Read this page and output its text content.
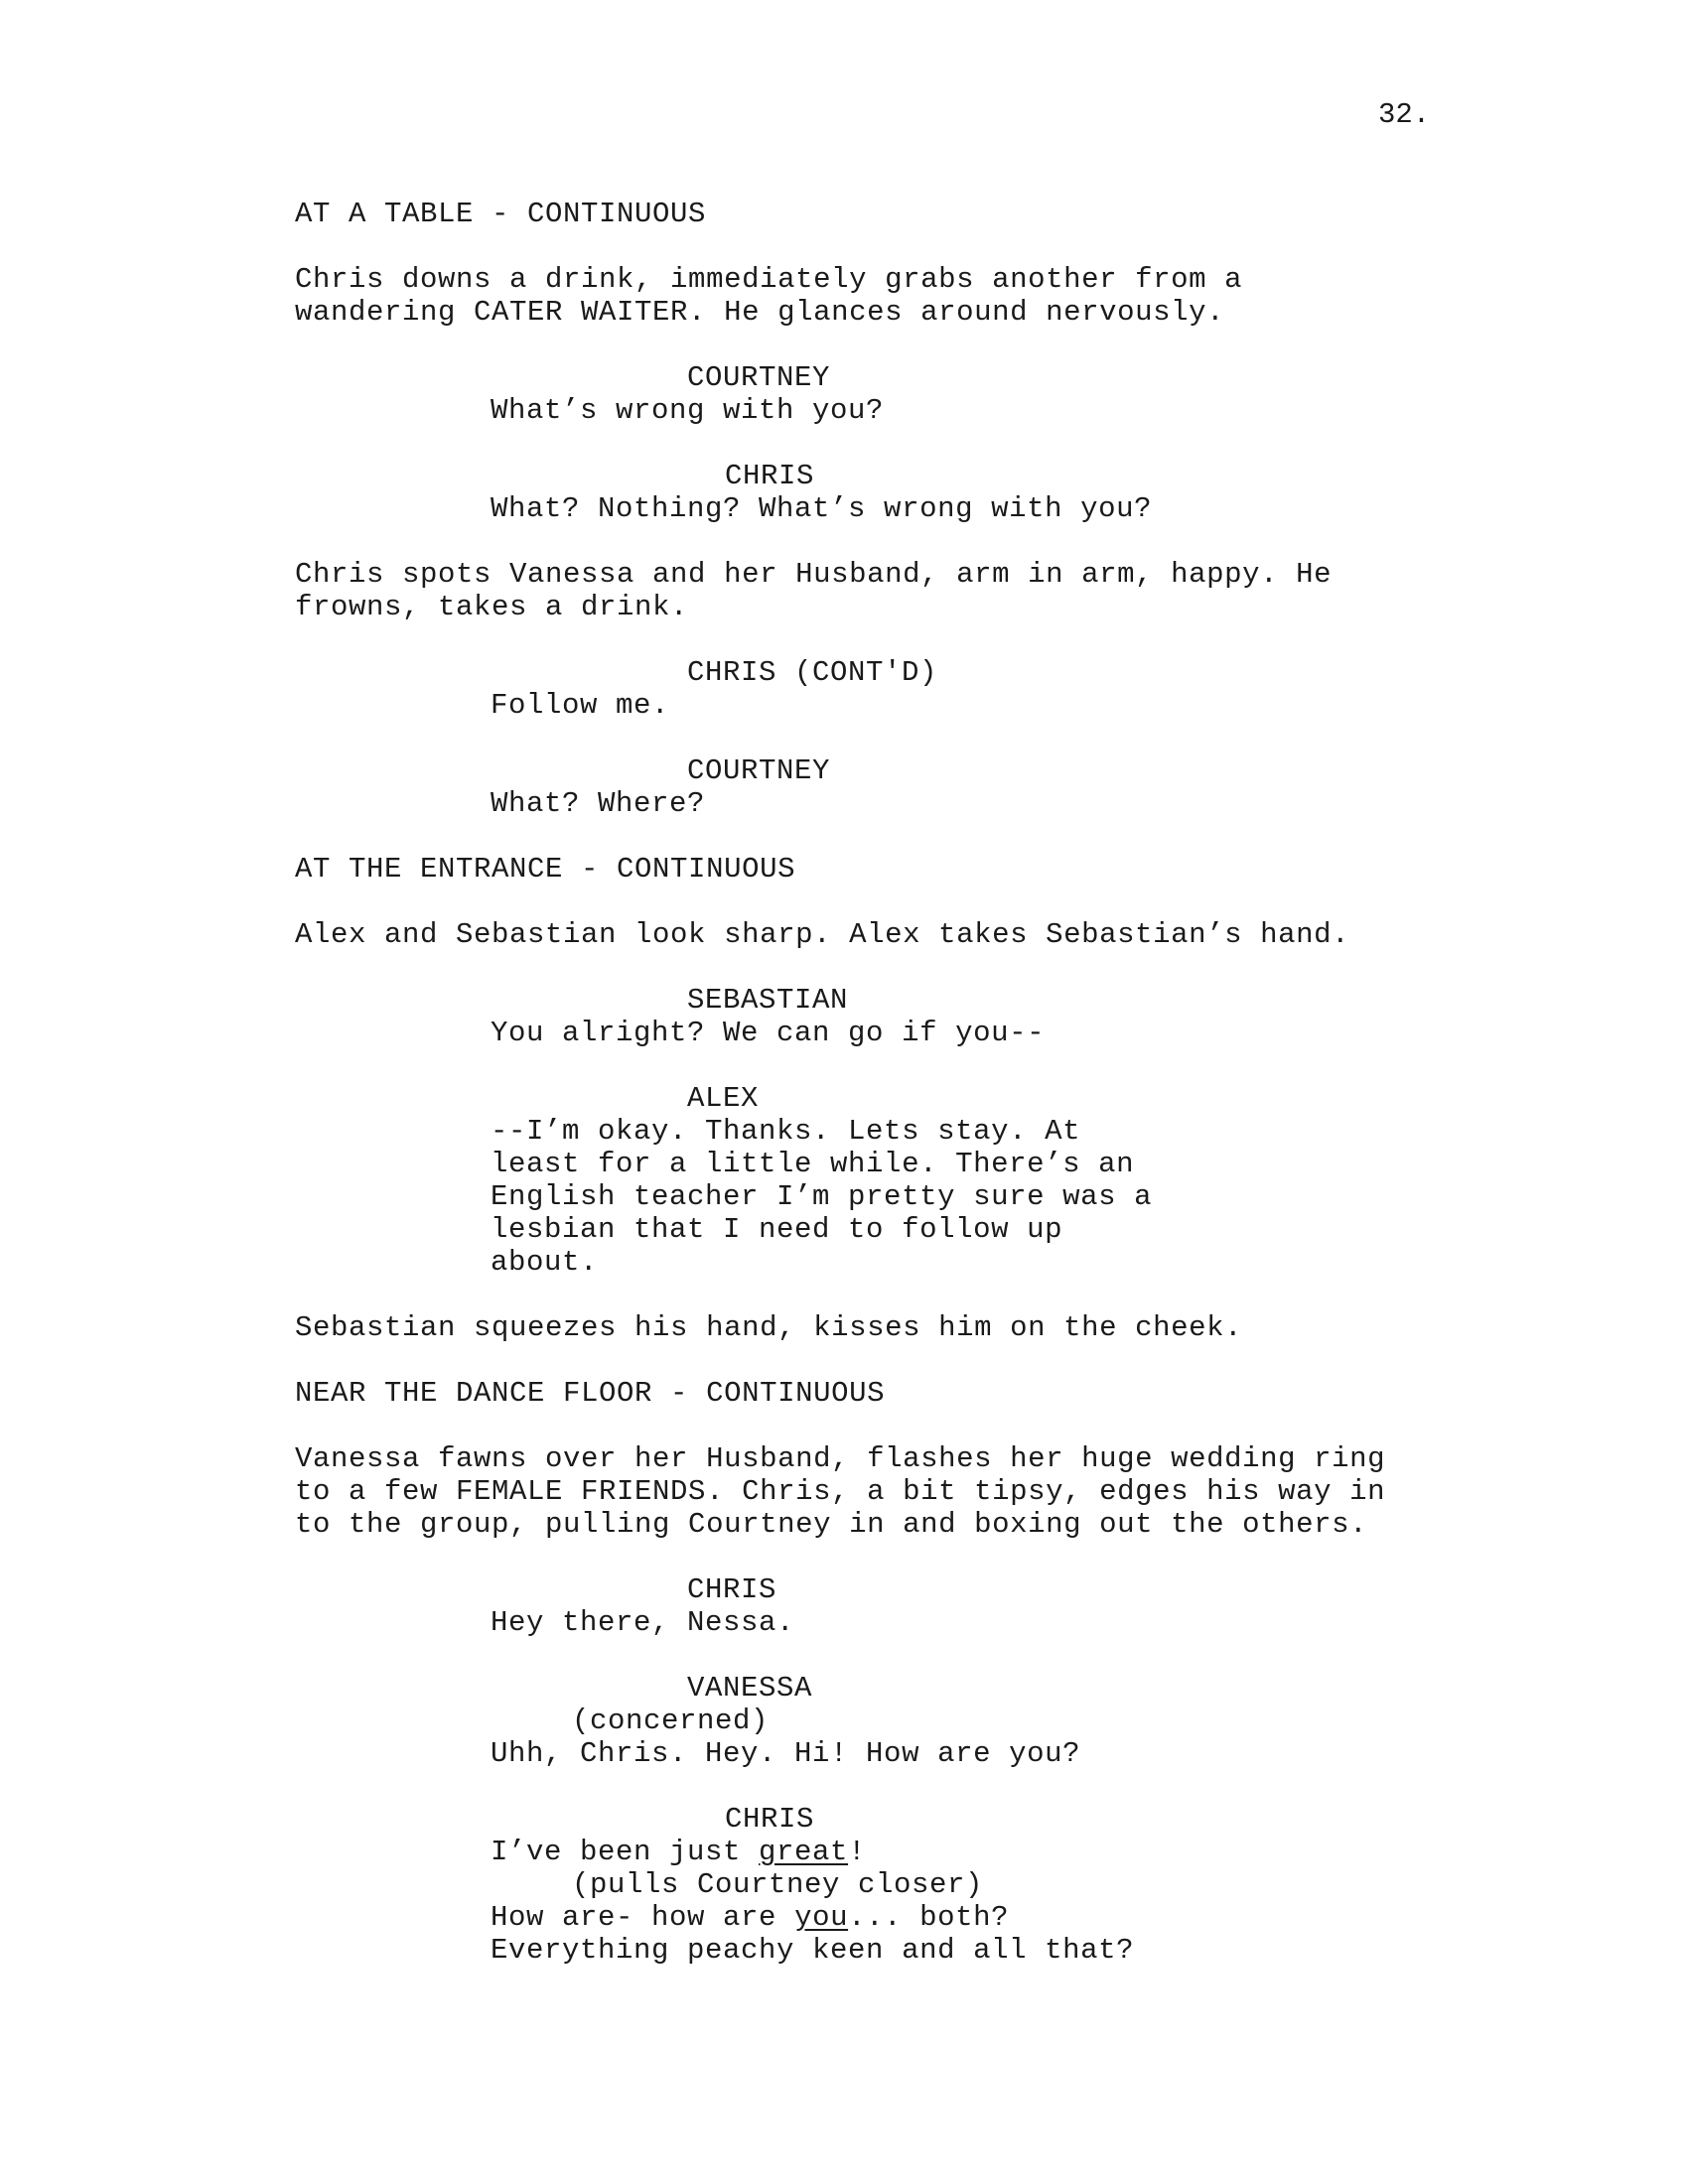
32.
AT A TABLE - CONTINUOUS
Chris downs a drink, immediately grabs another from a
wandering CATER WAITER. He glances around nervously.
COURTNEY
What’s wrong with you?
CHRIS
What? Nothing? What’s wrong with you?
Chris spots Vanessa and her Husband, arm in arm, happy. He
frowns, takes a drink.
CHRIS (CONT'D)
Follow me.
COURTNEY
What? Where?
AT THE ENTRANCE - CONTINUOUS
Alex and Sebastian look sharp. Alex takes Sebastian’s hand.
SEBASTIAN
You alright? We can go if you--
ALEX
--I’m okay. Thanks. Lets stay. At
least for a little while. There’s an
English teacher I’m pretty sure was a
lesbian that I need to follow up
about.
Sebastian squeezes his hand, kisses him on the cheek.
NEAR THE DANCE FLOOR - CONTINUOUS
Vanessa fawns over her Husband, flashes her huge wedding ring
to a few FEMALE FRIENDS. Chris, a bit tipsy, edges his way in
to the group, pulling Courtney in and boxing out the others.
CHRIS
Hey there, Nessa.
VANESSA
(concerned)
Uhh, Chris. Hey. Hi! How are you?
CHRIS
I’ve been just great!
(pulls Courtney closer)
How are- how are you... both?
Everything peachy keen and all that?
